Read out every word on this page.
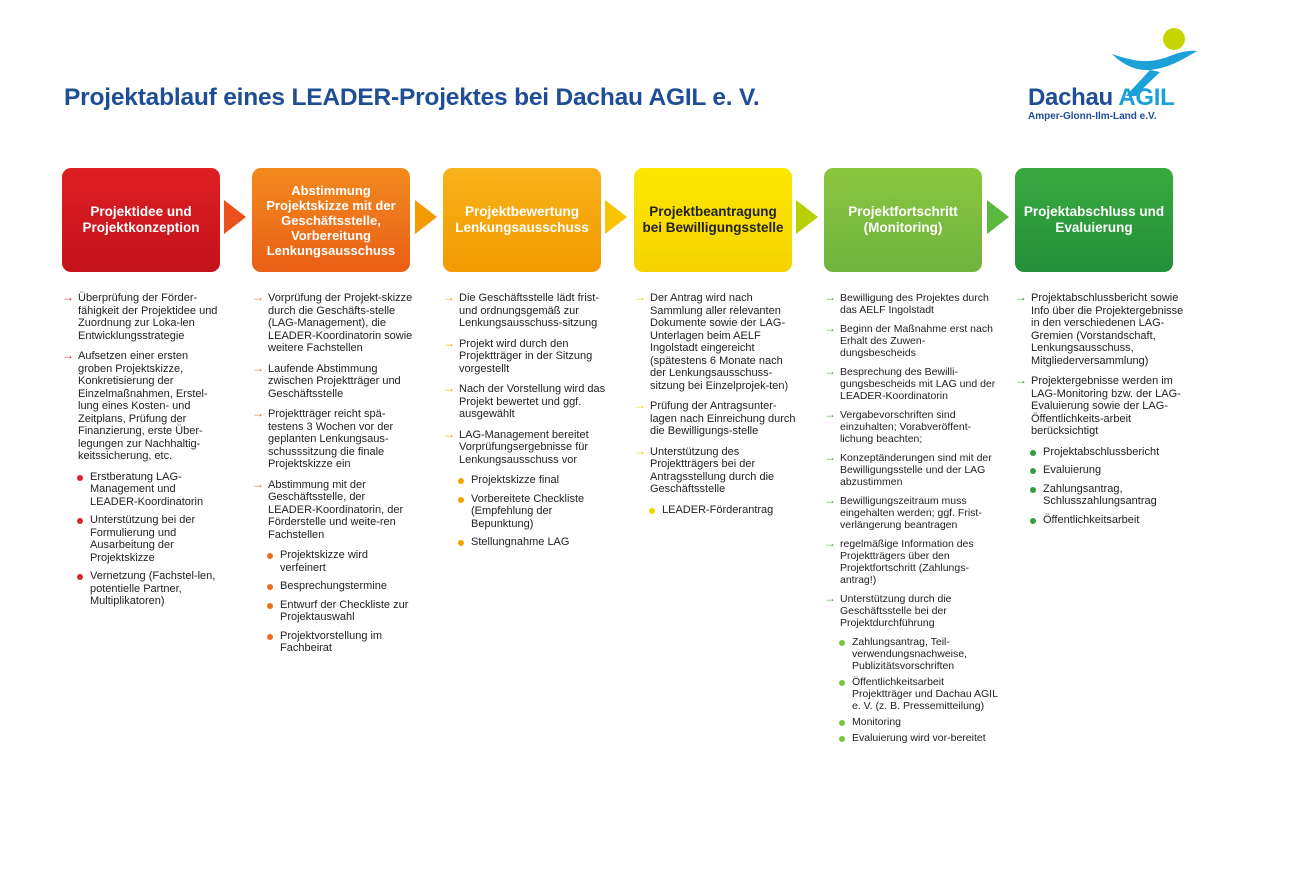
Projektablauf eines LEADER-Projektes bei Dachau AGIL e. V.	Dachau AGIL
Amper-Glonn-Ilm-Land e.V.
Projektidee und Projektkonzeption
Abstimmung Projektskizze mit der Geschäftsstelle, Vorbereitung Lenkungsausschuss
Projektbewertung Lenkungsausschuss
Projektbeantragung bei Bewilligungsstelle
Projektfortschritt (Monitoring)
Projektabschluss und Evaluierung
→ Überprüfung der Förder-fähigkeit der Projektidee und Zuordnung zur Loka-len Entwicklungsstrategie
→ Aufsetzen einer ersten groben Projektskizze, Konkretisierung der Einzelmaßnahmen, Erstel-lung eines Kosten- und Zeitplans, Prüfung der Finanzierung, erste Über-legungen zur Nachhaltig-keitssicherung, etc.
Erstberatung LAG-Management und LEADER-Koordinatorin
Unterstützung bei der Formulierung und Ausarbeitung der Projektskizze
Vernetzung (Fachstel-len, potentielle Partner, Multiplikatoren)
→ Vorprüfung der Projekt-skizze durch die Geschäfts-stelle (LAG-Management), die LEADER-Koordinatorin sowie weitere Fachstellen
→ Laufende Abstimmung zwischen Projektträger und Geschäftsstelle
→ Projektträger reicht spä-testens 3 Wochen vor der geplanten Lenkungsaus-schusssitzung die finale Projektskizze ein
→ Abstimmung mit der Geschäftsstelle, der LEADER-Koordinatorin, der Förderstelle und weite-ren Fachstellen
Projektskizze wird verfeinert
Besprechungstermine
Entwurf der Checkliste zur Projektauswahl
Projektvorstellung im Fachbeirat
→ Die Geschäftsstelle lädt frist- und ordnungsgemäß zur Lenkungsausschuss-sitzung
→ Projekt wird durch den Projektträger in der Sitzung vorgestellt
→ Nach der Vorstellung wird das Projekt bewertet und ggf. ausgewählt
→ LAG-Management bereitet Vorprüfungsergebnisse für Lenkungsausschuss vor
Projektskizze final
Vorbereitete Checkliste (Empfehlung der Bepunktung)
Stellungnahme LAG
→ Der Antrag wird nach Sammlung aller relevanten Dokumente sowie der LAG-Unterlagen beim AELF Ingolstadt eingereicht (spätestens 6 Monate nach der Lenkungsausschuss-sitzung bei Einzelprojek-ten)
→ Prüfung der Antragsunter-lagen nach Einreichung durch die Bewilligungs-stelle
→ Unterstützung des Projektträgers bei der Antragsstellung durch die Geschäftsstelle
LEADER-Förderantrag
→ Bewilligung des Projektes durch das AELF Ingolstadt
→ Beginn der Maßnahme erst nach Erhalt des Zuwen-dungsbescheids
→ Besprechung des Bewilli-gungsbescheids mit LAG und der LEADER-Koordinatorin
→ Vergabevorschriften sind einzuhalten; Vorabveröffent-lichung beachten;
→ Konzeptänderungen sind mit der Bewilligungsstelle und der LAG abzustimmen
→ Bewilligungszeitraum muss eingehalten werden; ggf. Frist-verlängerung beantragen
→ regelmäßige Information des Projektträgers über den Projektfortschritt (Zahlungs-antrag!)
→ Unterstützung durch die Geschäftsstelle bei der Projektdurchführung
Zahlungsantrag, Teil-verwendungsnachweise, Publizitätsvorschriften
Öffentlichkeitsarbeit Projektträger und Dachau AGIL e. V. (z. B. Pressemitteilung)
Monitoring
Evaluierung wird vor-bereitet
→ Projektabschlussbericht sowie Info über die Projektergebnisse in den verschiedenen LAG-Gremien (Vorstandschaft, Lenkungsausschuss, Mitgliederversammlung)
→ Projektergebnisse werden im LAG-Monitoring bzw. der LAG-Evaluierung sowie der LAG-Öffentlichkeits-arbeit berücksichtigt
Projektabschlussbericht
Evaluierung
Zahlungsantrag, Schlusszahlungsantrag
Öffentlichkeitsarbeit
